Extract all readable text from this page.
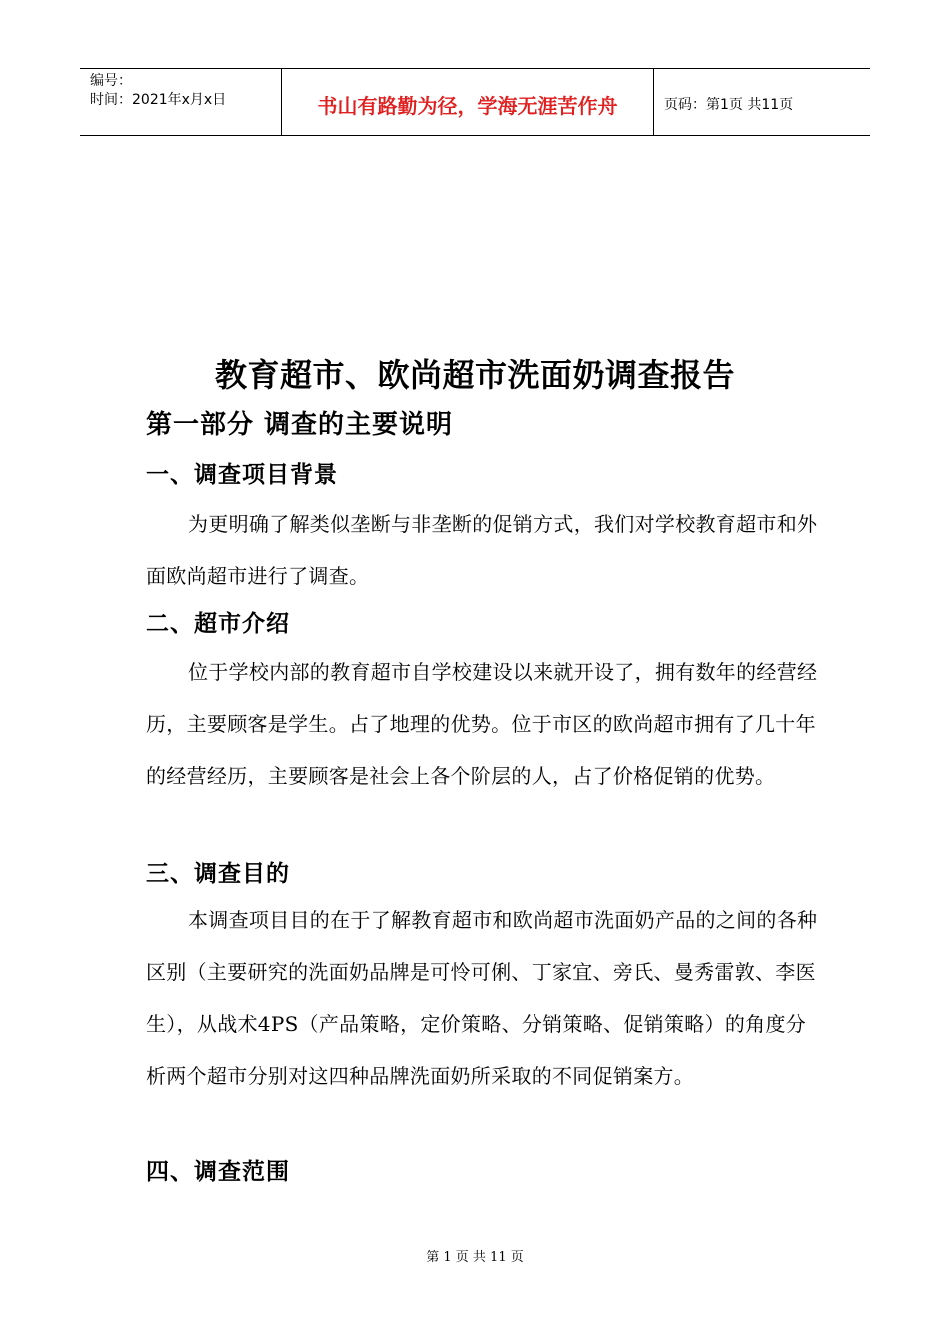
编号：
时间：2021年x月x日	书山有路勤为径，学海无涯苦作舟	页码：第1页 共11页
教育超市、欧尚超市洗面奶调查报告
第一部分 调查的主要说明
一、调查项目背景

为更明确了解类似垄断与非垄断的促销方式，我们对学校教育超市和外面欧尚超市进行了调查。

二、超市介绍

位于学校内部的教育超市自学校建设以来就开设了，拥有数年的经营经历，主要顾客是学生。占了地理的优势。位于市区的欧尚超市拥有了几十年的经营经历，主要顾客是社会上各个阶层的人，占了价格促销的优势。

三、调查目的

本调查项目目的在于了解教育超市和欧尚超市洗面奶产品的之间的各种区别（主要研究的洗面奶品牌是可怜可俐、丁家宜、旁氏、曼秀雷敦、李医生），从战术4PS（产品策略，定价策略、分销策略、促销策略）的角度分析两个超市分别对这四种品牌洗面奶所采取的不同促销案方。

四、调查范围

第 1 页 共 11 页
